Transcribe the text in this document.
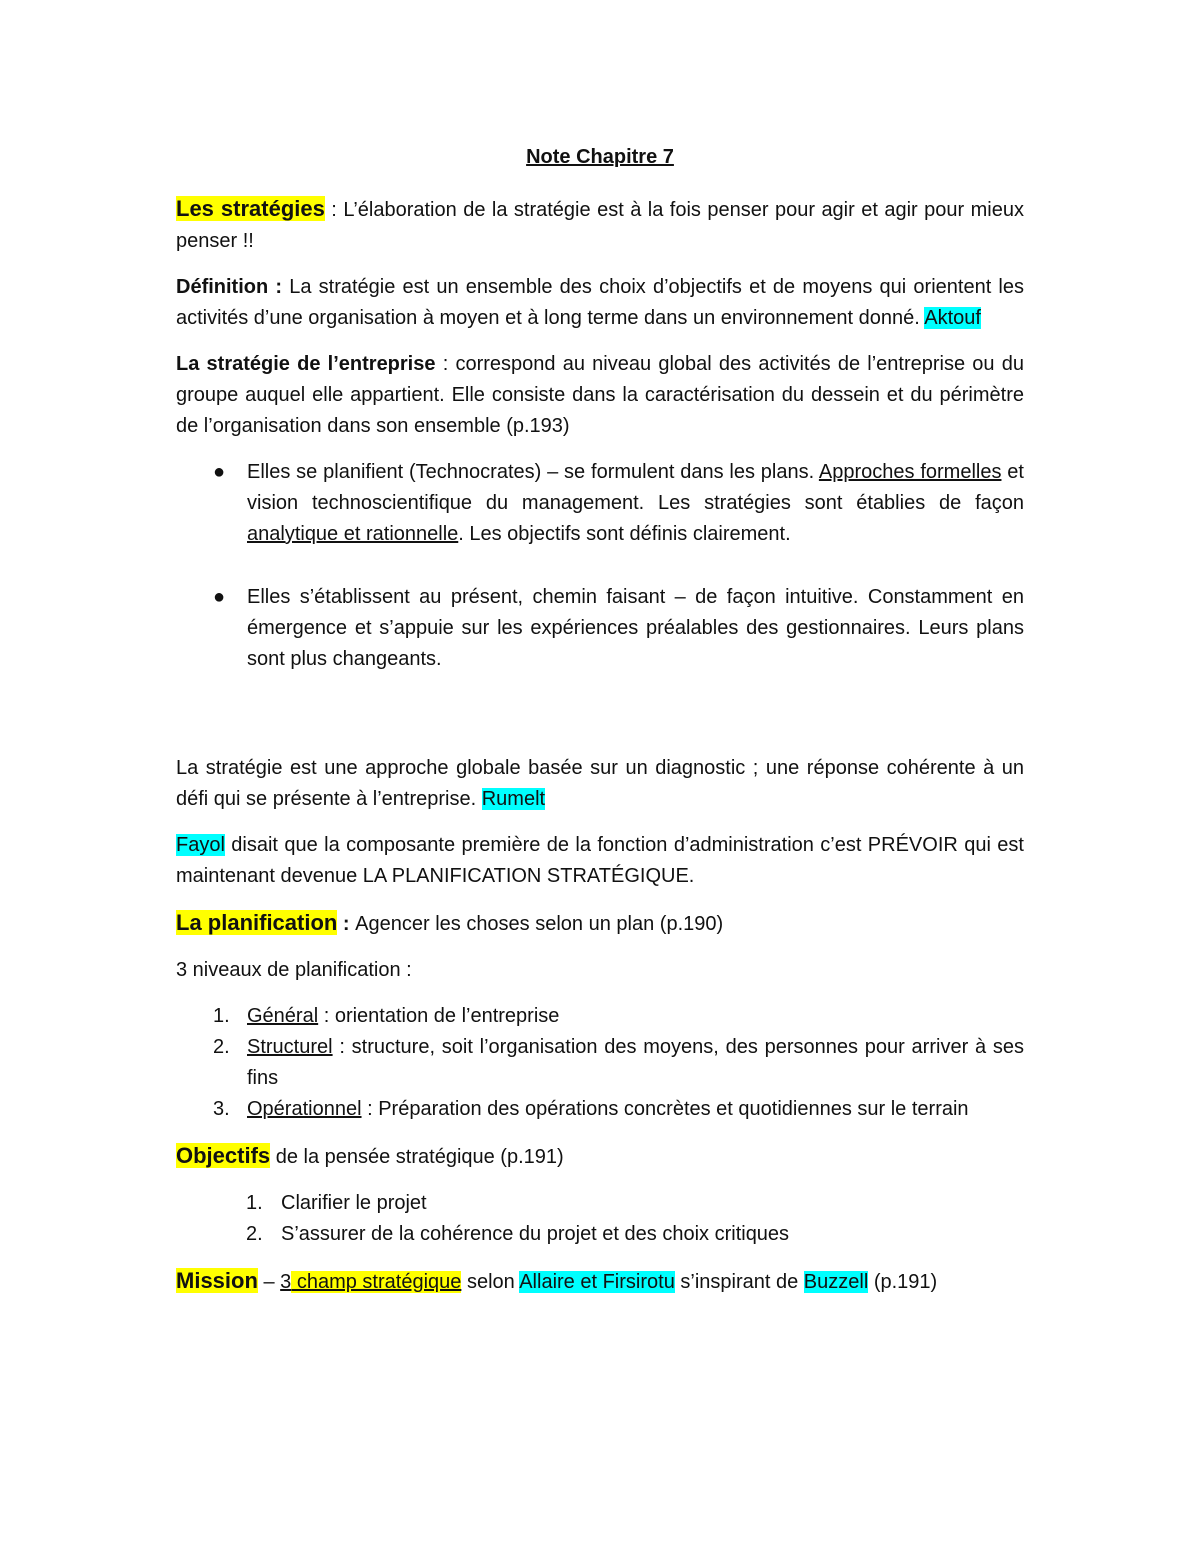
Note Chapitre 7

Les stratégies : L’élaboration de la stratégie est à la fois penser pour agir et agir pour mieux penser !!

Définition : La stratégie est un ensemble des choix d’objectifs et de moyens qui orientent les activités d’une organisation à moyen et à long terme dans un environnement donné. Aktouf

La stratégie de l’entreprise : correspond au niveau global des activités de l’entreprise ou du groupe auquel elle appartient. Elle consiste dans la caractérisation du dessein et du périmètre de l’organisation dans son ensemble (p.193)

● Elles se planifient (Technocrates) – se formulent dans les plans. Approches formelles et vision technoscientifique du management. Les stratégies sont établies de façon analytique et rationnelle. Les objectifs sont définis clairement.
● Elles s’établissent au présent, chemin faisant – de façon intuitive. Constamment en émergence et s’appuie sur les expériences préalables des gestionnaires. Leurs plans sont plus changeants.

La stratégie est une approche globale basée sur un diagnostic ; une réponse cohérente à un défi qui se présente à l’entreprise. Rumelt

Fayol disait que la composante première de la fonction d’administration c’est PRÉVOIR qui est maintenant devenue LA PLANIFICATION STRATÉGIQUE.

La planification : Agencer les choses selon un plan (p.190)

3 niveaux de planification :

1. Général : orientation de l’entreprise
2. Structurel : structure, soit l’organisation des moyens, des personnes pour arriver à ses fins
3. Opérationnel : Préparation des opérations concrètes et quotidiennes sur le terrain

Objectifs de la pensée stratégique (p.191)

1. Clarifier le projet
2. S’assurer de la cohérence du projet et des choix critiques

Mission – 3 champ stratégique selon Allaire et Firsirotu s’inspirant de Buzzell (p.191)
